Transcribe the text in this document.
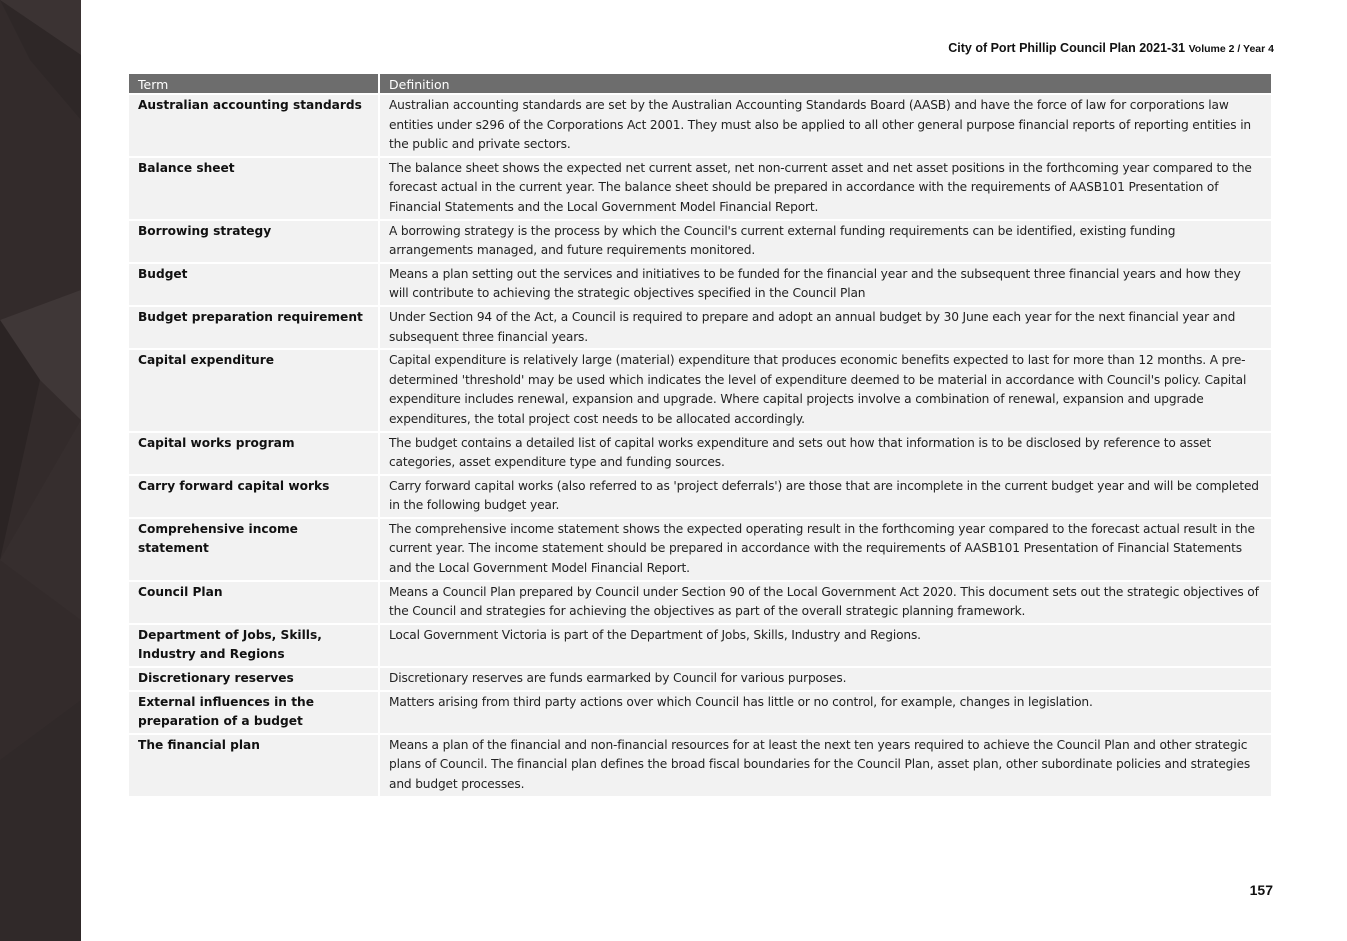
City of Port Phillip Council Plan 2021-31 Volume 2 / Year 4
Term	Definition
Australian accounting standards	Australian accounting standards are set by the Australian Accounting Standards Board (AASB) and have the force of law for corporations law entities under s296 of the Corporations Act 2001. They must also be applied to all other general purpose financial reports of reporting entities in the public and private sectors.
Balance sheet	The balance sheet shows the expected net current asset, net non-current asset and net asset positions in the forthcoming year compared to the forecast actual in the current year. The balance sheet should be prepared in accordance with the requirements of AASB101 Presentation of Financial Statements and the Local Government Model Financial Report.
Borrowing strategy	A borrowing strategy is the process by which the Council's current external funding requirements can be identified, existing funding arrangements managed, and future requirements monitored.
Budget	Means a plan setting out the services and initiatives to be funded for the financial year and the subsequent three financial years and how they will contribute to achieving the strategic objectives specified in the Council Plan
Budget preparation requirement	Under Section 94 of the Act, a Council is required to prepare and adopt an annual budget by 30 June each year for the next financial year and subsequent three financial years.
Capital expenditure	Capital expenditure is relatively large (material) expenditure that produces economic benefits expected to last for more than 12 months. A pre-determined 'threshold' may be used which indicates the level of expenditure deemed to be material in accordance with Council's policy. Capital expenditure includes renewal, expansion and upgrade. Where capital projects involve a combination of renewal, expansion and upgrade expenditures, the total project cost needs to be allocated accordingly.
Capital works program	The budget contains a detailed list of capital works expenditure and sets out how that information is to be disclosed by reference to asset categories, asset expenditure type and funding sources.
Carry forward capital works	Carry forward capital works (also referred to as 'project deferrals') are those that are incomplete in the current budget year and will be completed in the following budget year.
Comprehensive income statement	The comprehensive income statement shows the expected operating result in the forthcoming year compared to the forecast actual result in the current year. The income statement should be prepared in accordance with the requirements of AASB101 Presentation of Financial Statements and the Local Government Model Financial Report.
Council Plan	Means a Council Plan prepared by Council under Section 90 of the Local Government Act 2020. This document sets out the strategic objectives of the Council and strategies for achieving the objectives as part of the overall strategic planning framework.
Department of Jobs, Skills, Industry and Regions	Local Government Victoria is part of the Department of Jobs, Skills, Industry and Regions.
Discretionary reserves	Discretionary reserves are funds earmarked by Council for various purposes.
External influences in the preparation of a budget	Matters arising from third party actions over which Council has little or no control, for example, changes in legislation.
The financial plan	Means a plan of the financial and non-financial resources for at least the next ten years required to achieve the Council Plan and other strategic plans of Council. The financial plan defines the broad fiscal boundaries for the Council Plan, asset plan, other subordinate policies and strategies and budget processes.
157
